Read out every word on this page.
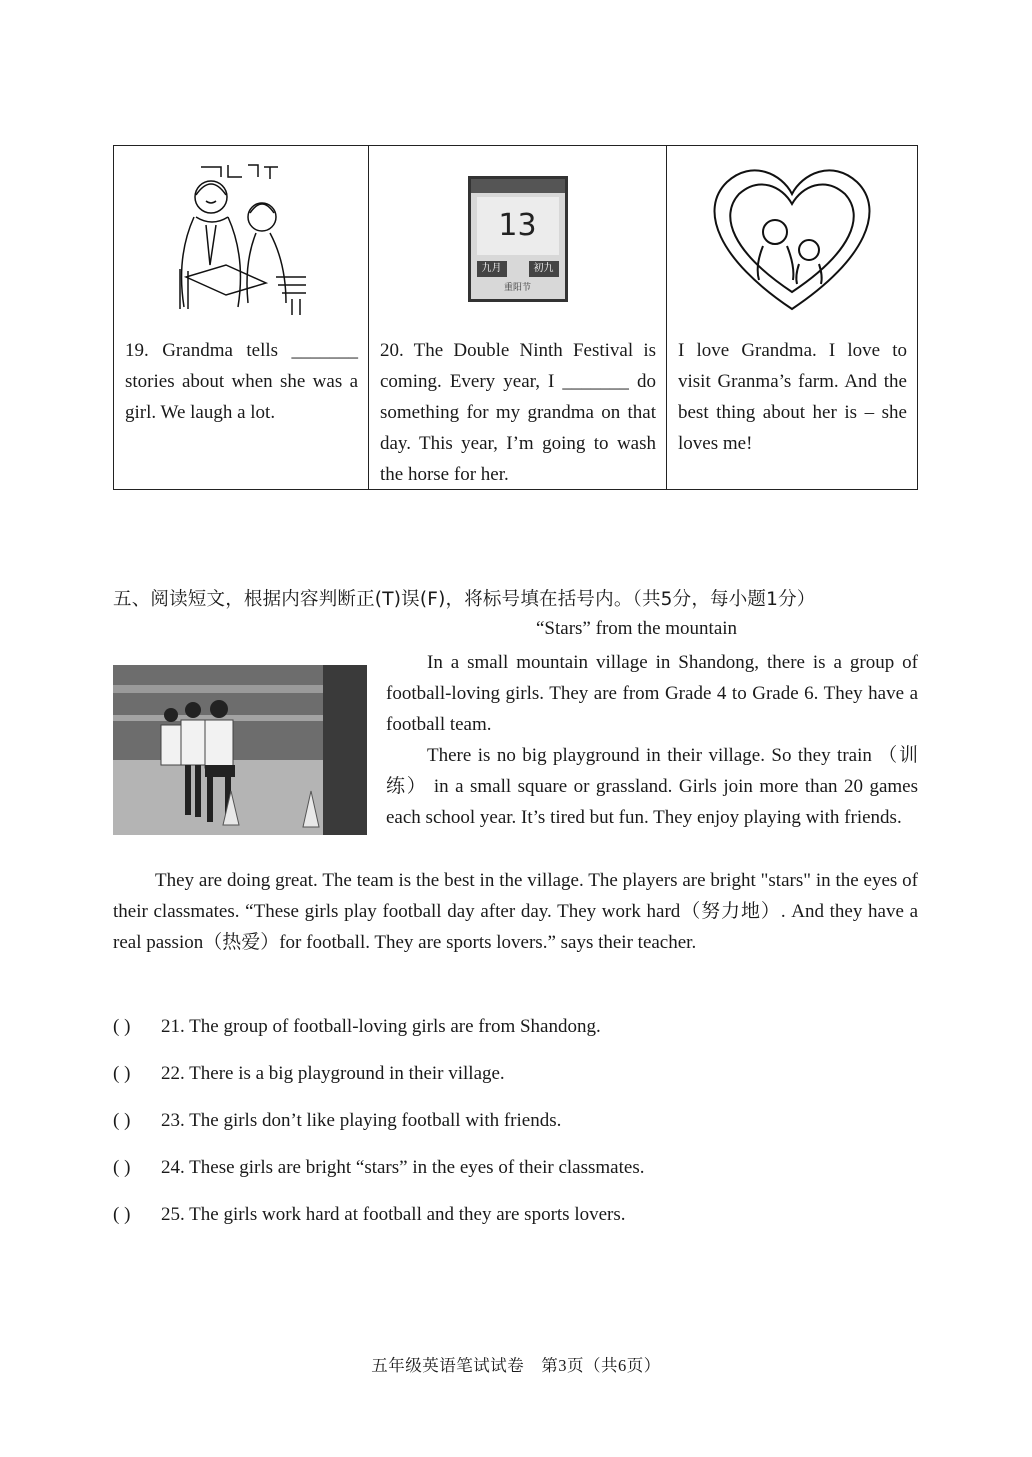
19. Grandma tells _______ stories about when she was a girl. We laugh a lot.
13
九月	初九
重阳节
20. The Double Ninth Festival is coming. Every year, I _______ do something for my grandma on that day. This year, I’m going to wash the horse for her.
I love Grandma. I love to visit Granma’s farm. And the best thing about her is – she loves me!
五、阅读短文，根据内容判断正(T)误(F)，将标号填在括号内。（共5分，每小题1分）
“Stars” from the mountain
In a small mountain village in Shandong, there is a group of football-loving girls. They are from Grade 4 to Grade 6. They have a football team.
There is no big playground in their village. So they train （训练） in a small square or grassland. Girls join more than 20 games each school year. It’s tired but fun. They enjoy playing with friends.
They are doing great. The team is the best in the village. The players are bright "stars" in the eyes of their classmates. “These girls play football day after day. They work hard（努力地）. And they have a real passion（热爱）for football. They are sports lovers.” says their teacher.
( ) 21. The group of football-loving girls are from Shandong.
( ) 22. There is a big playground in their village.
( ) 23. The girls don’t like playing football with friends.
( ) 24. These girls are bright “stars” in the eyes of their classmates.
( ) 25. The girls work hard at football and they are sports lovers.
五年级英语笔试试卷　第3页（共6页）
